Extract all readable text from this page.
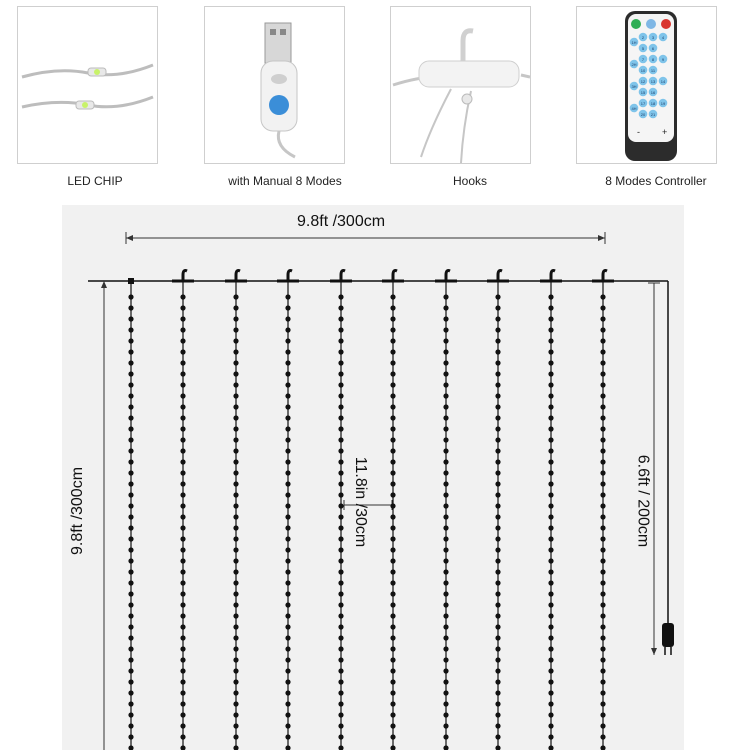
LED CHIP	with Manual 8 Modes	Hooks
1H
2 3 4
5 6
2H
7 8 9
10 11
3H
12 13 14
15 16
4H
17 18 19
20 21
- +
8 Modes Controller
9.8ft /300cm
9.8ft /300cm	11.8in /30cm	6.6ft / 200cm
